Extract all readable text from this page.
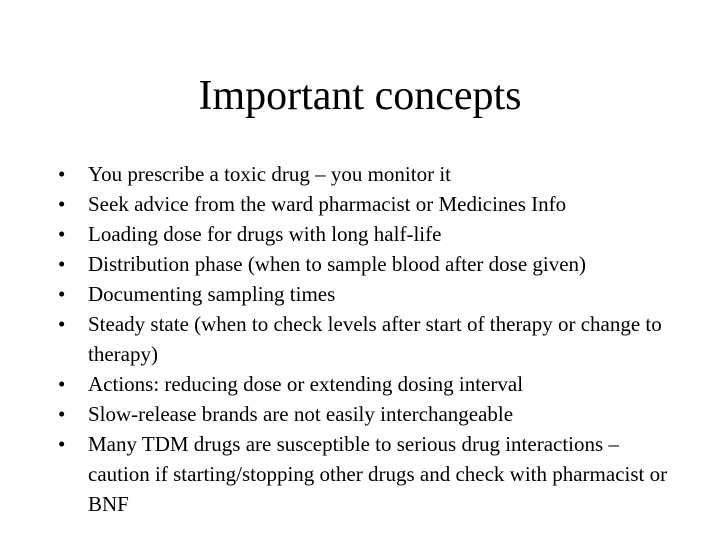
Important concepts
•	You prescribe a toxic drug – you monitor it
•	Seek advice from the ward pharmacist or Medicines Info
•	Loading dose for drugs with long half-life
•	Distribution phase (when to sample blood after dose given)
•	Documenting sampling times
•	Steady state (when to check levels after start of therapy or change to therapy)
•	Actions: reducing dose or extending dosing interval
•	Slow-release brands are not easily interchangeable
•	Many TDM drugs are susceptible to serious drug interactions – caution if starting/stopping other drugs and check with pharmacist or BNF
